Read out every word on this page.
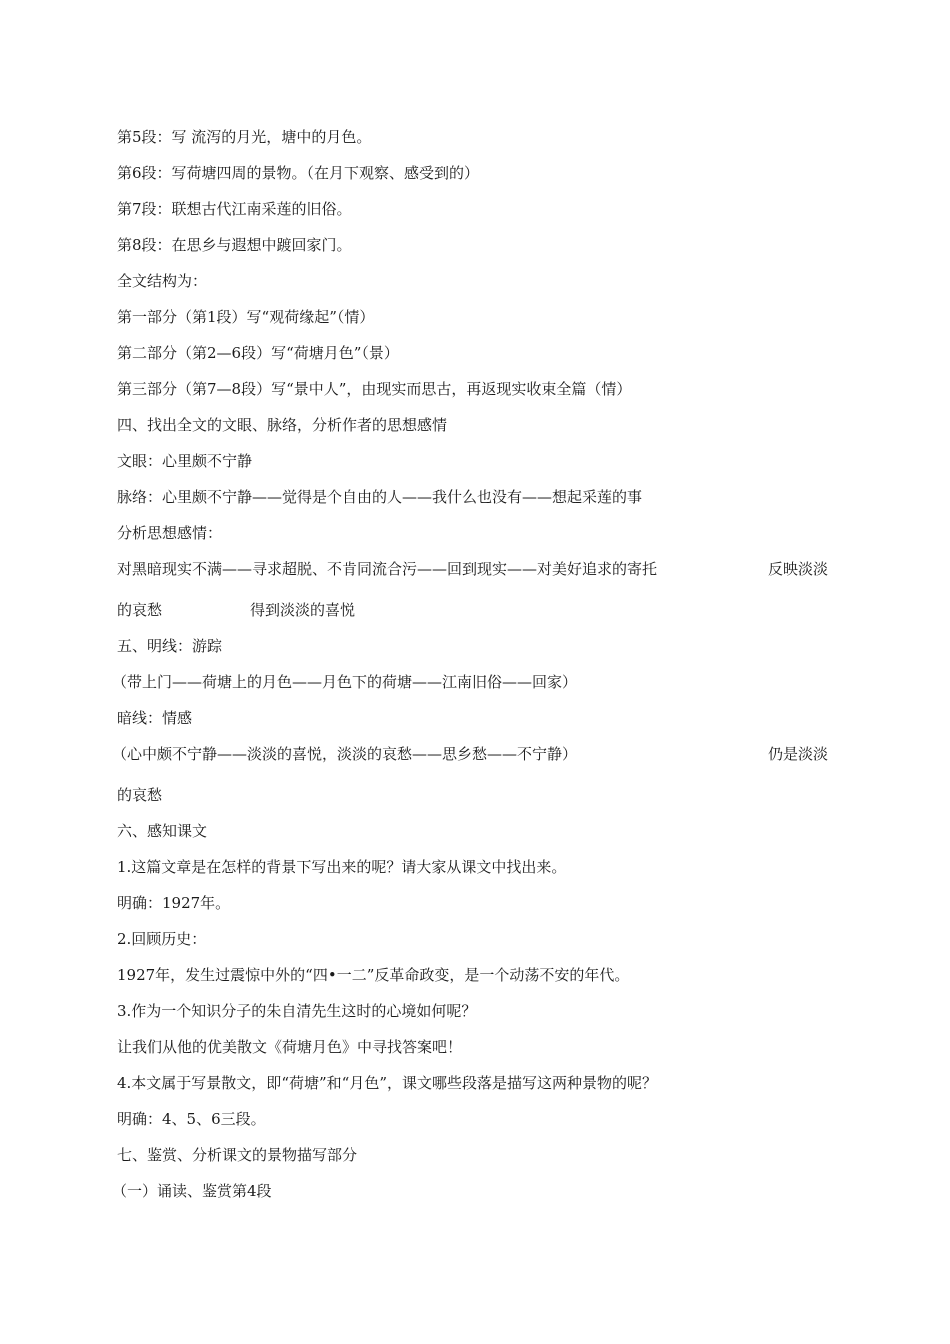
第5段：写 流泻的月光，塘中的月色。
第6段：写荷塘四周的景物。（在月下观察、感受到的）
第7段：联想古代江南采莲的旧俗。
第8段：在思乡与遐想中踱回家门。
全文结构为：
第一部分（第1段）写“观荷缘起”（情）
第二部分（第2—6段）写“荷塘月色”（景）
第三部分（第7—8段）写“景中人”，由现实而思古，再返现实收束全篇（情）
四、找出全文的文眼、脉络，分析作者的思想感情
文眼：心里颇不宁静
脉络：心里颇不宁静——觉得是个自由的人——我什么也没有——想起采莲的事
分析思想感情：
对黑暗现实不满——寻求超脱、不肯同流合污——回到现实——对美好追求的寄托	反映淡淡
的哀愁	得到淡淡的喜悦
五、明线：游踪
（带上门——荷塘上的月色——月色下的荷塘——江南旧俗——回家）
暗线：情感
（心中颇不宁静——淡淡的喜悦，淡淡的哀愁——思乡愁——不宁静）	仍是淡淡
的哀愁
六、感知课文
1.这篇文章是在怎样的背景下写出来的呢？请大家从课文中找出来。
明确：1927年。
2.回顾历史：
1927年，发生过震惊中外的“四•一二”反革命政变，是一个动荡不安的年代。
3.作为一个知识分子的朱自清先生这时的心境如何呢？
让我们从他的优美散文《荷塘月色》中寻找答案吧！
4.本文属于写景散文，即“荷塘”和“月色”，课文哪些段落是描写这两种景物的呢？
明确：4、5、6三段。
七、鉴赏、分析课文的景物描写部分
（一）诵读、鉴赏第4段
